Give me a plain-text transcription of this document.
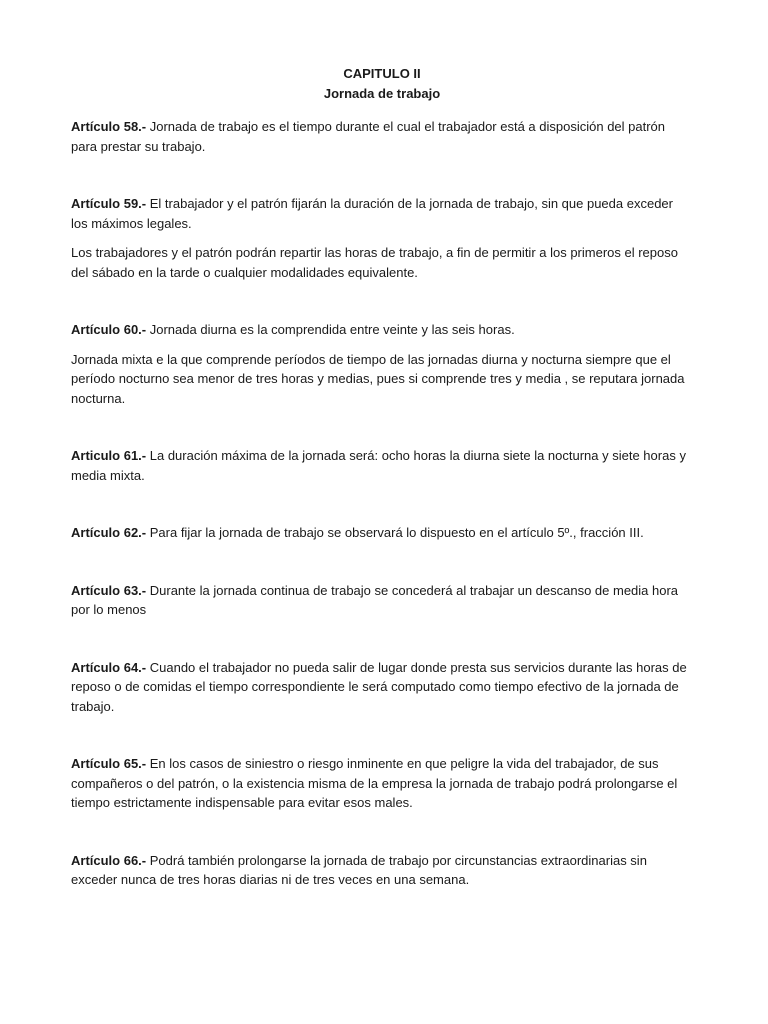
CAPITULO II

Jornada de trabajo

Artículo 58.- Jornada de trabajo es el tiempo durante el cual el trabajador está a disposición del patrón para prestar su trabajo.

Artículo 59.- El trabajador y el patrón fijarán la duración de la jornada de trabajo, sin que pueda exceder los máximos legales.

Los trabajadores y el patrón podrán repartir las horas de trabajo, a fin de permitir a los primeros el reposo del sábado en la tarde o cualquier modalidades equivalente.

Artículo 60.- Jornada diurna es la comprendida entre veinte y las seis horas.

Jornada mixta e la que comprende períodos de tiempo de las jornadas diurna y nocturna siempre que el período nocturno sea menor de tres horas y medias, pues si comprende tres y media , se reputara jornada nocturna.

Articulo 61.- La duración máxima de la jornada será: ocho horas la diurna siete la nocturna y siete horas y media mixta.

Artículo 62.- Para fijar la jornada de trabajo se observará lo dispuesto en el artículo 5º., fracción III.

Artículo 63.- Durante la jornada continua de trabajo se concederá al trabajar un descanso de media hora por lo menos

Artículo 64.- Cuando el trabajador no pueda salir de lugar donde presta sus servicios durante las horas de reposo o de comidas el tiempo correspondiente le será computado como tiempo efectivo de la jornada de trabajo.

Artículo 65.- En los casos de siniestro o riesgo inminente en que peligre la vida del trabajador, de sus compañeros o del patrón, o la existencia misma de la empresa la jornada de trabajo podrá prolongarse el tiempo estrictamente indispensable para evitar esos males.

Artículo 66.- Podrá también prolongarse la jornada de trabajo por circunstancias extraordinarias sin exceder nunca de tres horas diarias ni de tres veces en una semana.
